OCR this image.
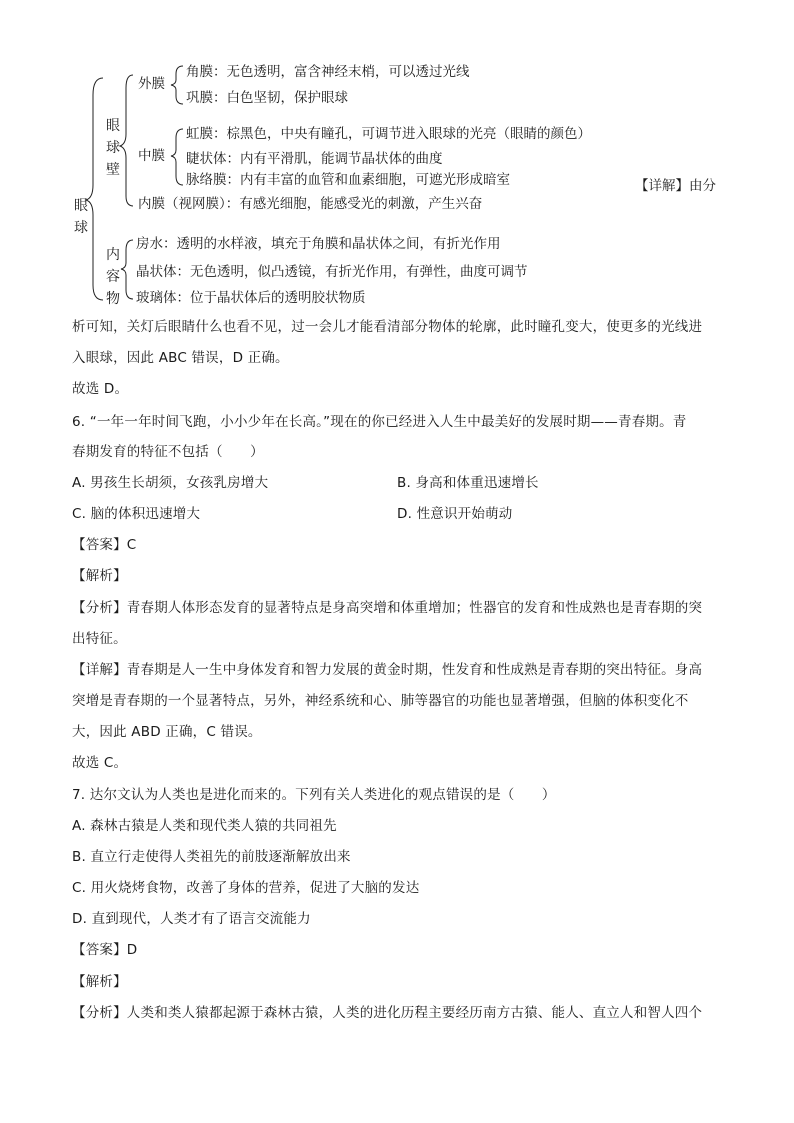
眼球
眼球壁
内容物
外膜
角膜：无色透明，富含神经末梢，可以透过光线
巩膜：白色坚韧，保护眼球
中膜
虹膜：棕黑色，中央有瞳孔，可调节进入眼球的光亮（眼睛的颜色）
睫状体：内有平滑肌，能调节晶状体的曲度
脉络膜：内有丰富的血管和血素细胞，可遮光形成暗室
内膜（视网膜）：有感光细胞，能感受光的刺激，产生兴奋
房水：透明的水样液，填充于角膜和晶状体之间，有折光作用
晶状体：无色透明，似凸透镜，有折光作用，有弹性，曲度可调节
玻璃体：位于晶状体后的透明胶状物质
【详解】由分
析可知，关灯后眼睛什么也看不见，过一会儿才能看清部分物体的轮廓，此时瞳孔变大，使更多的光线进
入眼球，因此 ABC 错误，D 正确。
故选 D。
6. “一年一年时间飞跑，小小少年在长高。”现在的你已经进入人生中最美好的发展时期——青春期。青
春期发育的特征不包括（　　）
A. 男孩生长胡须，女孩乳房增大	B. 身高和体重迅速增长
C. 脑的体积迅速增大	D. 性意识开始萌动
【答案】C
【解析】
【分析】青春期人体形态发育的显著特点是身高突增和体重增加；性器官的发育和性成熟也是青春期的突
出特征。
【详解】青春期是人一生中身体发育和智力发展的黄金时期，性发育和性成熟是青春期的突出特征。身高
突增是青春期的一个显著特点，另外，神经系统和心、肺等器官的功能也显著增强，但脑的体积变化不
大，因此 ABD 正确，C 错误。
故选 C。
7. 达尔文认为人类也是进化而来的。下列有关人类进化的观点错误的是（　　）
A. 森林古猿是人类和现代类人猿的共同祖先
B. 直立行走使得人类祖先的前肢逐渐解放出来
C. 用火烧烤食物，改善了身体的营养，促进了大脑的发达
D. 直到现代，人类才有了语言交流能力
【答案】D
【解析】
【分析】人类和类人猿都起源于森林古猿，人类的进化历程主要经历南方古猿、能人、直立人和智人四个
